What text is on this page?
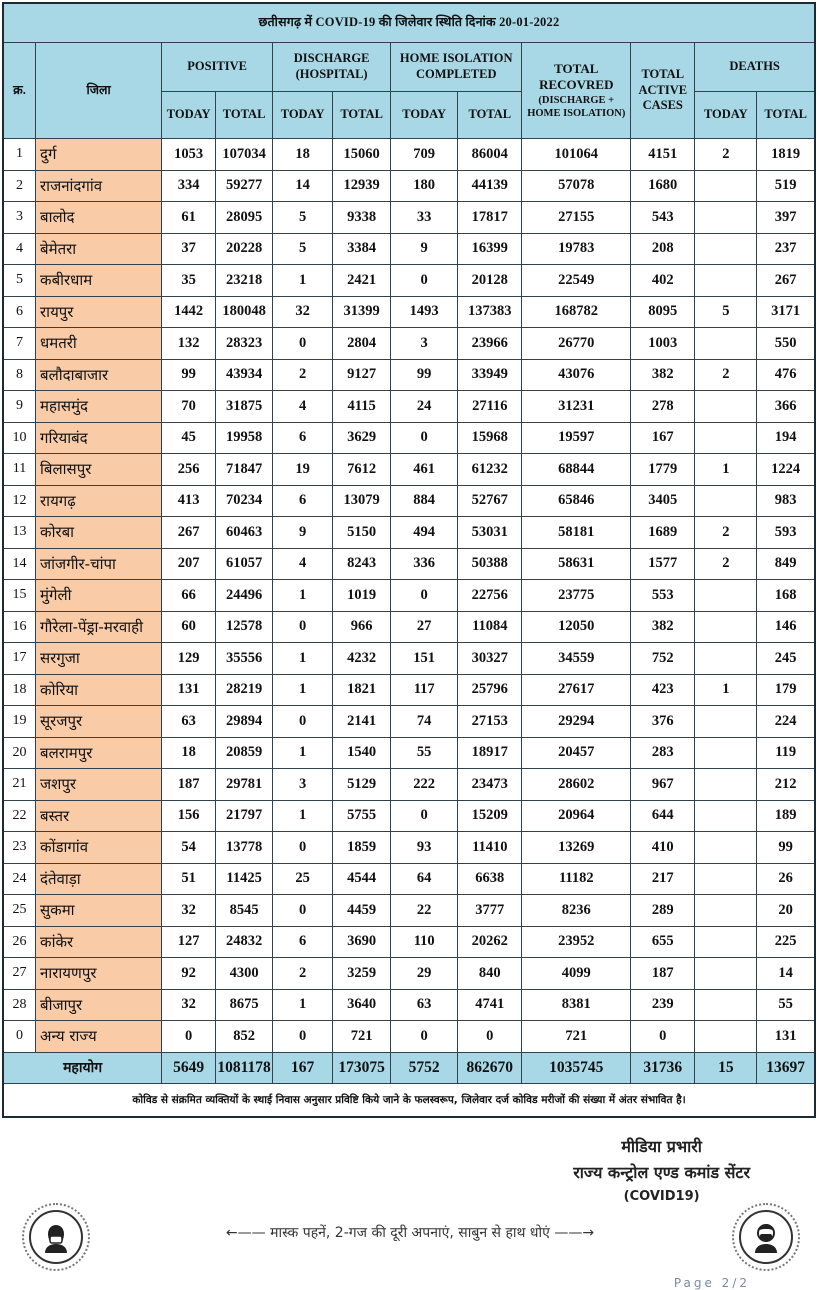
छतीसगढ़ में COVID-19 की जिलेवार स्थिति दिनांक 20-01-2022											
क्र.	जिला	POSITIVE		DISCHARGE (HOSPITAL)		HOME ISOLATION COMPLETED		TOTAL RECOVRED
(DISCHARGE + HOME ISOLATION)	TOTAL ACTIVE CASES	DEATHS	
		TODAY	TOTAL	TODAY	TOTAL	TODAY	TOTAL			TODAY	TOTAL
1	दुर्ग	1053	107034	18	15060	709	86004	101064	4151	2	1819
2	राजनांदगांव	334	59277	14	12939	180	44139	57078	1680		519
3	बालोद	61	28095	5	9338	33	17817	27155	543		397
4	बेमेतरा	37	20228	5	3384	9	16399	19783	208		237
5	कबीरधाम	35	23218	1	2421	0	20128	22549	402		267
6	रायपुर	1442	180048	32	31399	1493	137383	168782	8095	5	3171
7	धमतरी	132	28323	0	2804	3	23966	26770	1003		550
8	बलौदाबाजार	99	43934	2	9127	99	33949	43076	382	2	476
9	महासमुंद	70	31875	4	4115	24	27116	31231	278		366
10	गरियाबंद	45	19958	6	3629	0	15968	19597	167		194
11	बिलासपुर	256	71847	19	7612	461	61232	68844	1779	1	1224
12	रायगढ़	413	70234	6	13079	884	52767	65846	3405		983
13	कोरबा	267	60463	9	5150	494	53031	58181	1689	2	593
14	जांजगीर-चांपा	207	61057	4	8243	336	50388	58631	1577	2	849
15	मुंगेली	66	24496	1	1019	0	22756	23775	553		168
16	गौरेला-पेंड्रा-मरवाही	60	12578	0	966	27	11084	12050	382		146
17	सरगुजा	129	35556	1	4232	151	30327	34559	752		245
18	कोरिया	131	28219	1	1821	117	25796	27617	423	1	179
19	सूरजपुर	63	29894	0	2141	74	27153	29294	376		224
20	बलरामपुर	18	20859	1	1540	55	18917	20457	283		119
21	जशपुर	187	29781	3	5129	222	23473	28602	967		212
22	बस्तर	156	21797	1	5755	0	15209	20964	644		189
23	कोंडागांव	54	13778	0	1859	93	11410	13269	410		99
24	दंतेवाड़ा	51	11425	25	4544	64	6638	11182	217		26
25	सुकमा	32	8545	0	4459	22	3777	8236	289		20
26	कांकेर	127	24832	6	3690	110	20262	23952	655		225
27	नारायणपुर	92	4300	2	3259	29	840	4099	187		14
28	बीजापुर	32	8675	1	3640	63	4741	8381	239		55
0	अन्य राज्य	0	852	0	721	0	0	721	0		131
महायोग		5649	1081178	167	173075	5752	862670	1035745	31736	15	13697
कोविड से संक्रमित व्यक्तियों के स्थाई निवास अनुसार प्रविष्टि किये जाने के फलस्वरूप, जिलेवार दर्ज कोविड मरीजों की संख्या में अंतर संभावित है।											
मीडिया प्रभारी
राज्य कन्ट्रोल एण्ड कमांड सेंटर
(COVID19)
←—— मास्क पहनें, 2-गज की दूरी अपनाएं, साबुन से हाथ धोएं ——→
Page 2/2
